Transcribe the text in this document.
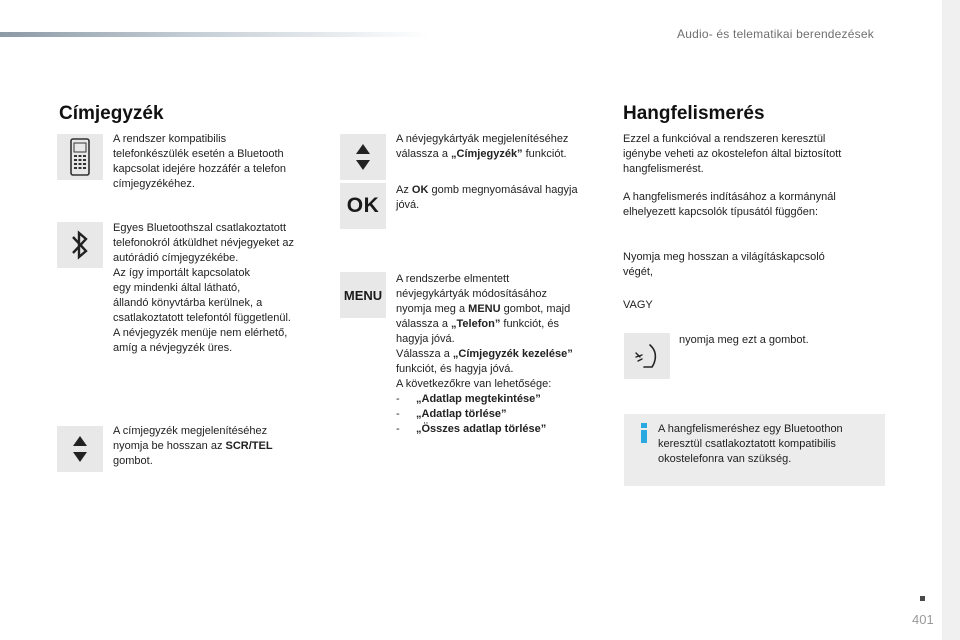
Audio- és telematikai berendezések
401
Címjegyzék

A rendszer kompatibilis

telefonkészülék esetén a Bluetooth

kapcsolat idejére hozzáfér a telefon

címjegyzékéhez.

Egyes Bluetoothszal csatlakoztatott

telefonokról átküldhet névjegyeket az

autórádió címjegyzékébe.

Az így importált kapcsolatok

egy mindenki által látható,

állandó könyvtárba kerülnek, a

csatlakoztatott telefontól függetlenül.

A névjegyzék menüje nem elérhető,

amíg a névjegyzék üres.

A címjegyzék megjelenítéséhez

nyomja be hosszan az SCR/TEL

gombot.

A névjegykártyák megjelenítéséhez

válassza a „Címjegyzék” funkciót.

OK

Az OK gomb megnyomásával hagyja

jóvá.

MENU

A rendszerbe elmentett

névjegykártyák módosításához

nyomja meg a MENU gombot, majd

válassza a „Telefon” funkciót, és

hagyja jóvá.

Válassza a „Címjegyzék kezelése”

funkciót, és hagyja jóvá.

A következőkre van lehetősége:

- „Adatlap megtekintése”
- „Adatlap törlése”
- „Összes adatlap törlése”
Hangfelismerés

Ezzel a funkcióval a rendszeren keresztül

igénybe veheti az okostelefon által biztosított

hangfelismerést.

A hangfelismerés indításához a kormánynál

elhelyezett kapcsolók típusától függően:

Nyomja meg hosszan a világításkapcsoló

végét,

VAGY
nyomja meg ezt a gombot.

A hangfelismeréshez egy Bluetoothon

keresztül csatlakoztatott kompatibilis

okostelefonra van szükség.
